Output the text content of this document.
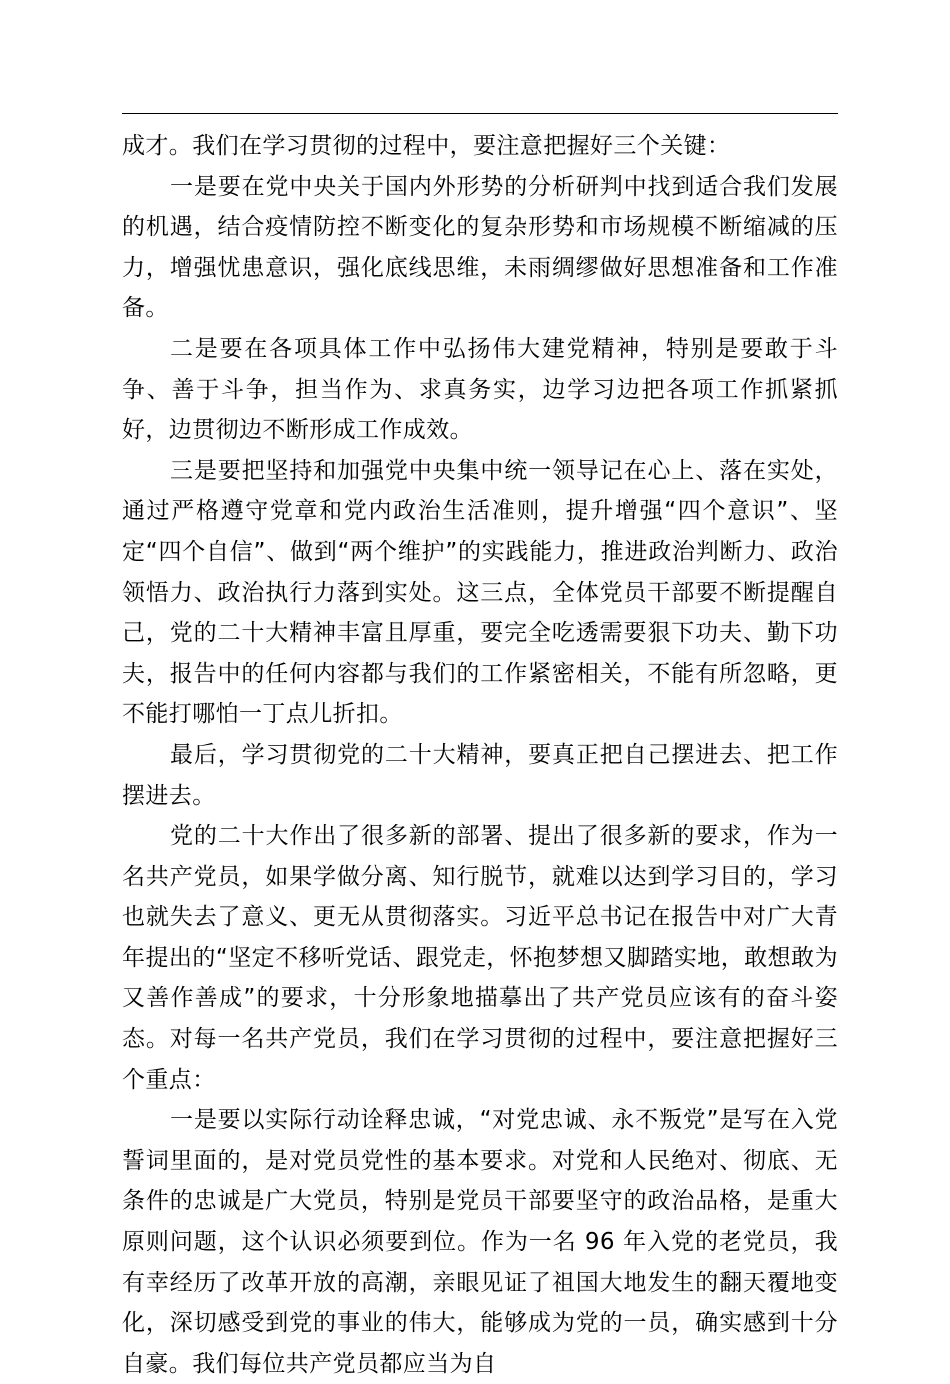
成才。我们在学习贯彻的过程中，要注意把握好三个关键：

一是要在党中央关于国内外形势的分析研判中找到适合我们发展的机遇，结合疫情防控不断变化的复杂形势和市场规模不断缩减的压力，增强忧患意识，强化底线思维，未雨绸缪做好思想准备和工作准备。

二是要在各项具体工作中弘扬伟大建党精神，特别是要敢于斗争、善于斗争，担当作为、求真务实，边学习边把各项工作抓紧抓好，边贯彻边不断形成工作成效。

三是要把坚持和加强党中央集中统一领导记在心上、落在实处，通过严格遵守党章和党内政治生活准则，提升增强“四个意识”、坚定“四个自信”、做到“两个维护”的实践能力，推进政治判断力、政治领悟力、政治执行力落到实处。这三点，全体党员干部要不断提醒自己，党的二十大精神丰富且厚重，要完全吃透需要狠下功夫、勤下功夫，报告中的任何内容都与我们的工作紧密相关，不能有所忽略，更不能打哪怕一丁点儿折扣。

最后，学习贯彻党的二十大精神，要真正把自己摆进去、把工作摆进去。

党的二十大作出了很多新的部署、提出了很多新的要求，作为一名共产党员，如果学做分离、知行脱节，就难以达到学习目的，学习也就失去了意义、更无从贯彻落实。习近平总书记在报告中对广大青年提出的“坚定不移听党话、跟党走，怀抱梦想又脚踏实地，敢想敢为又善作善成”的要求，十分形象地描摹出了共产党员应该有的奋斗姿态。对每一名共产党员，我们在学习贯彻的过程中，要注意把握好三个重点：

一是要以实际行动诠释忠诚，“对党忠诚、永不叛党”是写在入党誓词里面的，是对党员党性的基本要求。对党和人民绝对、彻底、无条件的忠诚是广大党员，特别是党员干部要坚守的政治品格，是重大原则问题，这个认识必须要到位。作为一名 96 年入党的老党员，我有幸经历了改革开放的高潮，亲眼见证了祖国大地发生的翻天覆地变化，深切感受到党的事业的伟大，能够成为党的一员，确实感到十分自豪。我们每位共产党员都应当为自
